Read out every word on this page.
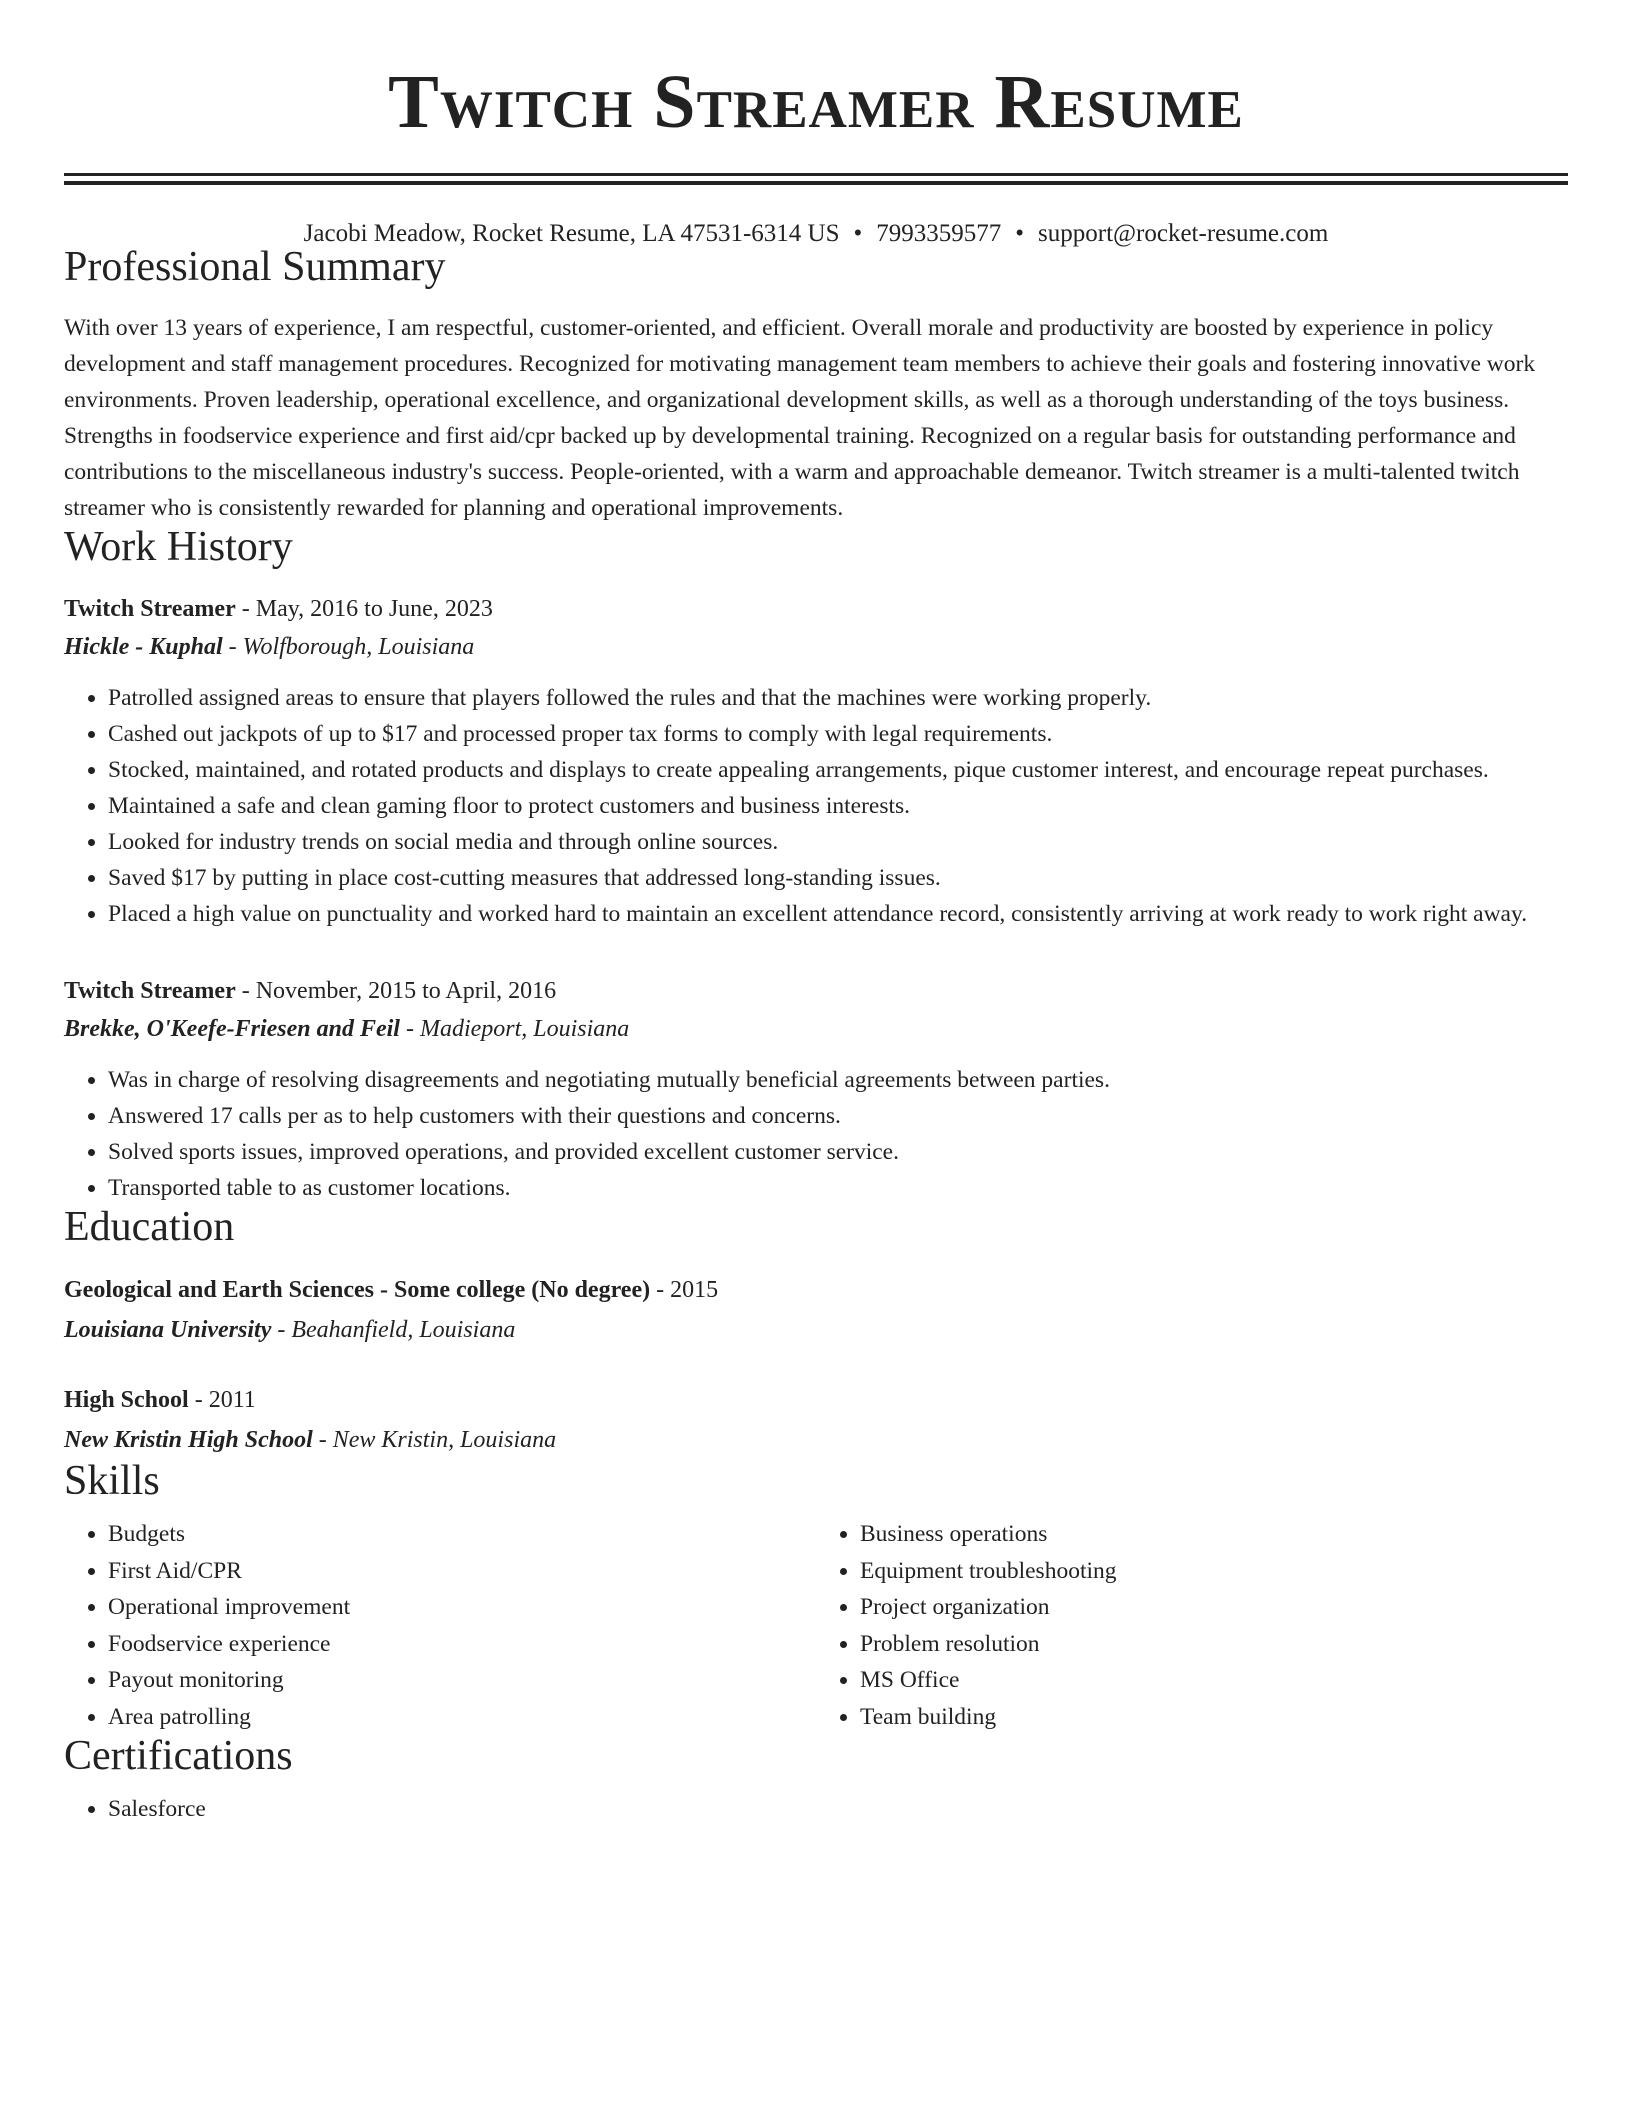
Twitch Streamer Resume
Jacobi Meadow, Rocket Resume, LA 47531-6314 US • 7993359577 • support@rocket-resume.com
Professional Summary
With over 13 years of experience, I am respectful, customer-oriented, and efficient. Overall morale and productivity are boosted by experience in policy development and staff management procedures. Recognized for motivating management team members to achieve their goals and fostering innovative work environments. Proven leadership, operational excellence, and organizational development skills, as well as a thorough understanding of the toys business. Strengths in foodservice experience and first aid/cpr backed up by developmental training. Recognized on a regular basis for outstanding performance and contributions to the miscellaneous industry's success. People-oriented, with a warm and approachable demeanor. Twitch streamer is a multi-talented twitch streamer who is consistently rewarded for planning and operational improvements.
Work History
Twitch Streamer - May, 2016 to June, 2023
Hickle - Kuphal - Wolfborough, Louisiana
• Patrolled assigned areas to ensure that players followed the rules and that the machines were working properly.
• Cashed out jackpots of up to $17 and processed proper tax forms to comply with legal requirements.
• Stocked, maintained, and rotated products and displays to create appealing arrangements, pique customer interest, and encourage repeat purchases.
• Maintained a safe and clean gaming floor to protect customers and business interests.
• Looked for industry trends on social media and through online sources.
• Saved $17 by putting in place cost-cutting measures that addressed long-standing issues.
• Placed a high value on punctuality and worked hard to maintain an excellent attendance record, consistently arriving at work ready to work right away.
Twitch Streamer - November, 2015 to April, 2016
Brekke, O'Keefe-Friesen and Feil - Madieport, Louisiana
• Was in charge of resolving disagreements and negotiating mutually beneficial agreements between parties.
• Answered 17 calls per as to help customers with their questions and concerns.
• Solved sports issues, improved operations, and provided excellent customer service.
• Transported table to as customer locations.
Education
Geological and Earth Sciences - Some college (No degree) - 2015
Louisiana University - Beahanfield, Louisiana
High School - 2011
New Kristin High School - New Kristin, Louisiana
Skills
• Budgets
• First Aid/CPR
• Operational improvement
• Foodservice experience
• Payout monitoring
• Area patrolling
• Business operations
• Equipment troubleshooting
• Project organization
• Problem resolution
• MS Office
• Team building
Certifications
• Salesforce
